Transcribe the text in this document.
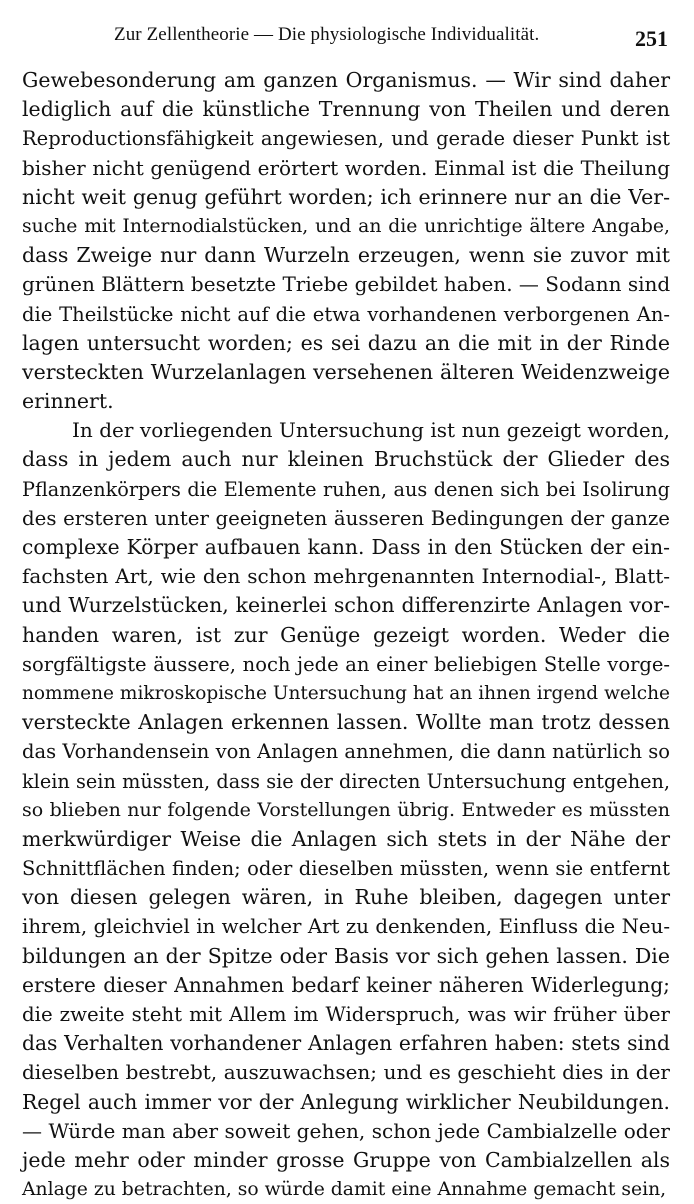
Zur Zellentheorie — Die physiologische Individualität.	251
Gewebesonderung am ganzen Organismus. — Wir sind daher
lediglich auf die künstliche Trennung von Theilen und deren
Reproductionsfähigkeit angewiesen, und gerade dieser Punkt ist
bisher nicht genügend erörtert worden. Einmal ist die Theilung
nicht weit genug geführt worden; ich erinnere nur an die Ver-
suche mit Internodialstücken, und an die unrichtige ältere Angabe,
dass Zweige nur dann Wurzeln erzeugen, wenn sie zuvor mit
grünen Blättern besetzte Triebe gebildet haben. — Sodann sind
die Theilstücke nicht auf die etwa vorhandenen verborgenen An-
lagen untersucht worden; es sei dazu an die mit in der Rinde
versteckten Wurzelanlagen versehenen älteren Weidenzweige
erinnert.
In der vorliegenden Untersuchung ist nun gezeigt worden,
dass in jedem auch nur kleinen Bruchstück der Glieder des
Pflanzenkörpers die Elemente ruhen, aus denen sich bei Isolirung
des ersteren unter geeigneten äusseren Bedingungen der ganze
complexe Körper aufbauen kann. Dass in den Stücken der ein-
fachsten Art, wie den schon mehrgenannten Internodial-, Blatt-
und Wurzelstücken, keinerlei schon differenzirte Anlagen vor-
handen waren, ist zur Genüge gezeigt worden. Weder die
sorgfältigste äussere, noch jede an einer beliebigen Stelle vorge-
nommene mikroskopische Untersuchung hat an ihnen irgend welche
versteckte Anlagen erkennen lassen. Wollte man trotz dessen
das Vorhandensein von Anlagen annehmen, die dann natürlich so
klein sein müssten, dass sie der directen Untersuchung entgehen,
so blieben nur folgende Vorstellungen übrig. Entweder es müssten
merkwürdiger Weise die Anlagen sich stets in der Nähe der
Schnittflächen finden; oder dieselben müssten, wenn sie entfernt
von diesen gelegen wären, in Ruhe bleiben, dagegen unter
ihrem, gleichviel in welcher Art zu denkenden, Einfluss die Neu-
bildungen an der Spitze oder Basis vor sich gehen lassen. Die
erstere dieser Annahmen bedarf keiner näheren Widerlegung;
die zweite steht mit Allem im Widerspruch, was wir früher über
das Verhalten vorhandener Anlagen erfahren haben: stets sind
dieselben bestrebt, auszuwachsen; und es geschieht dies in der
Regel auch immer vor der Anlegung wirklicher Neubildungen.
— Würde man aber soweit gehen, schon jede Cambialzelle oder
jede mehr oder minder grosse Gruppe von Cambialzellen als
Anlage zu betrachten, so würde damit eine Annahme gemacht sein,
